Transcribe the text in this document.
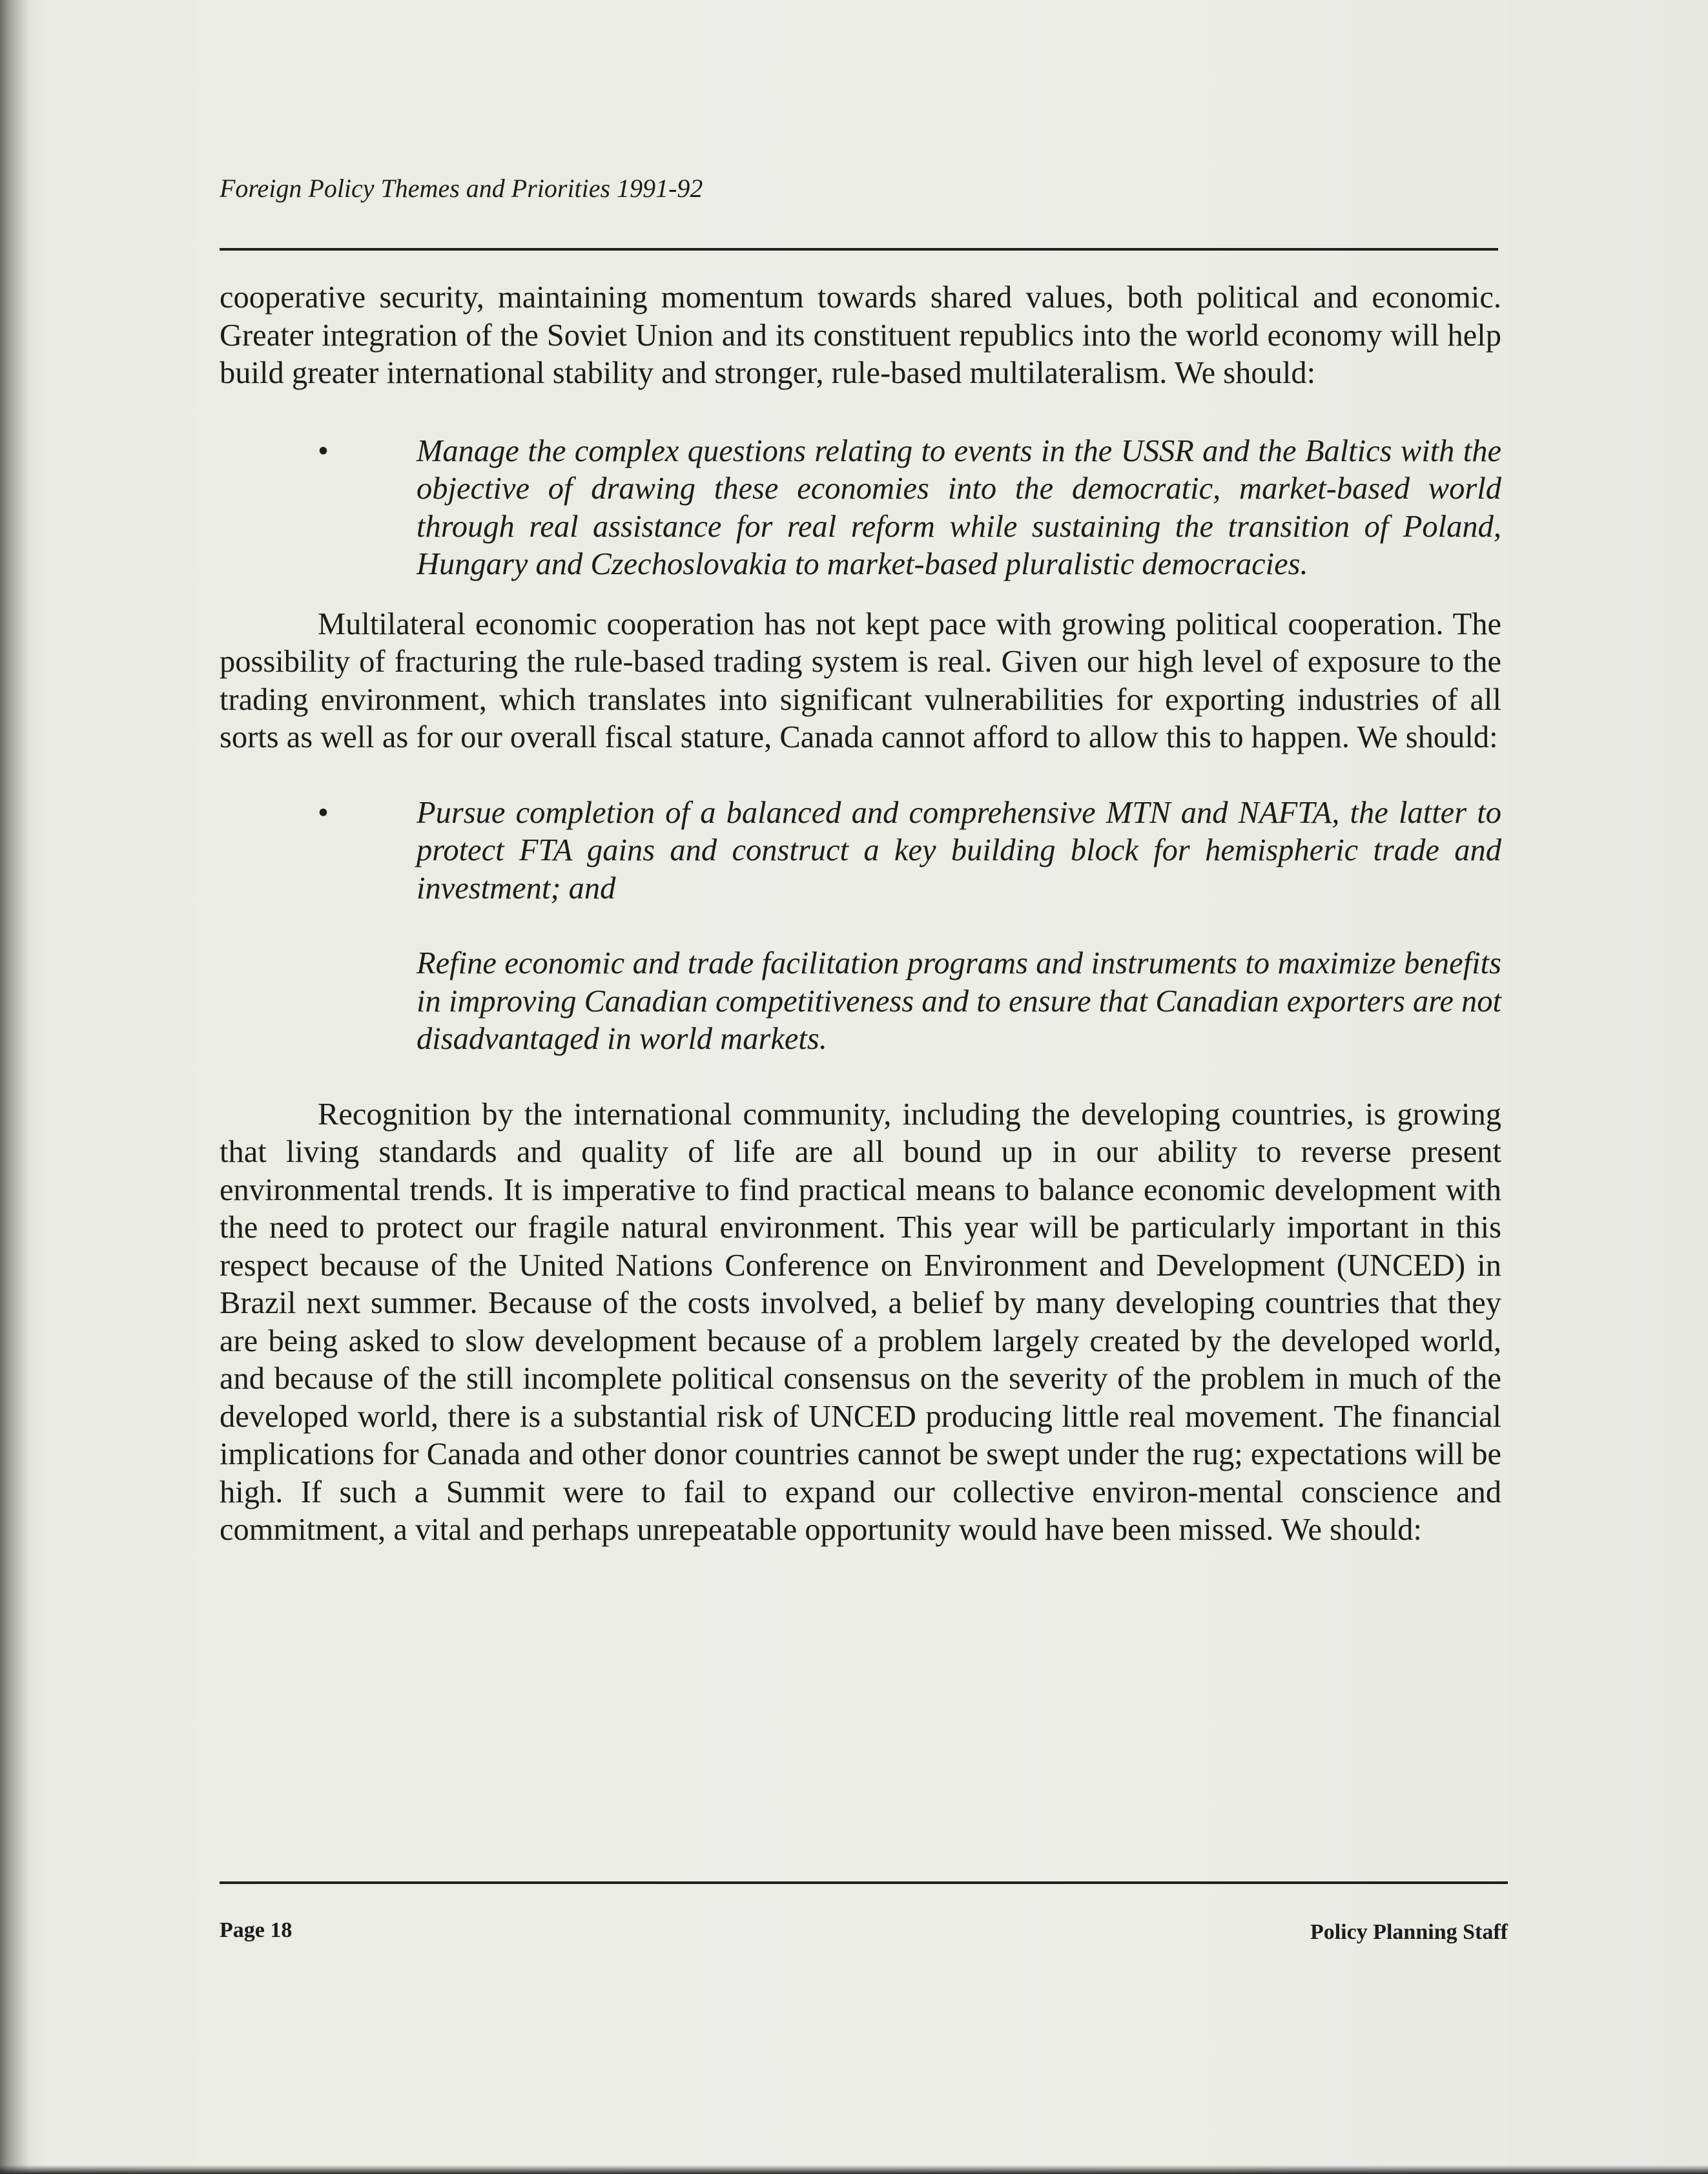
Foreign Policy Themes and Priorities 1991-92

cooperative security, maintaining momentum towards shared values, both political and economic. Greater integration of the Soviet Union and its constituent republics into the world economy will help build greater international stability and stronger, rule-based multilateralism. We should:

•	Manage the complex questions relating to events in the USSR and the Baltics with the objective of drawing these economies into the democratic, market-based world through real assistance for real reform while sustaining the transition of Poland, Hungary and Czechoslovakia to market-based pluralistic democracies.

Multilateral economic cooperation has not kept pace with growing political cooperation. The possibility of fracturing the rule-based trading system is real. Given our high level of exposure to the trading environment, which translates into significant vulnerabilities for exporting industries of all sorts as well as for our overall fiscal stature, Canada cannot afford to allow this to happen. We should:

•	Pursue completion of a balanced and comprehensive MTN and NAFTA, the latter to protect FTA gains and construct a key building block for hemispheric trade and investment; and
Refine economic and trade facilitation programs and instruments to maximize benefits in improving Canadian competitiveness and to ensure that Canadian exporters are not disadvantaged in world markets.

Recognition by the international community, including the developing countries, is growing that living standards and quality of life are all bound up in our ability to reverse present environmental trends. It is imperative to find practical means to balance economic development with the need to protect our fragile natural environment. This year will be particularly important in this respect because of the United Nations Conference on Environment and Development (UNCED) in Brazil next summer. Because of the costs involved, a belief by many developing countries that they are being asked to slow development because of a problem largely created by the developed world, and because of the still incomplete political consensus on the severity of the problem in much of the developed world, there is a substantial risk of UNCED producing little real movement. The financial implications for Canada and other donor countries cannot be swept under the rug; expectations will be high. If such a Summit were to fail to expand our collective environ-mental conscience and commitment, a vital and perhaps unrepeatable opportunity would have been missed. We should:

Page 18	Policy Planning Staff
